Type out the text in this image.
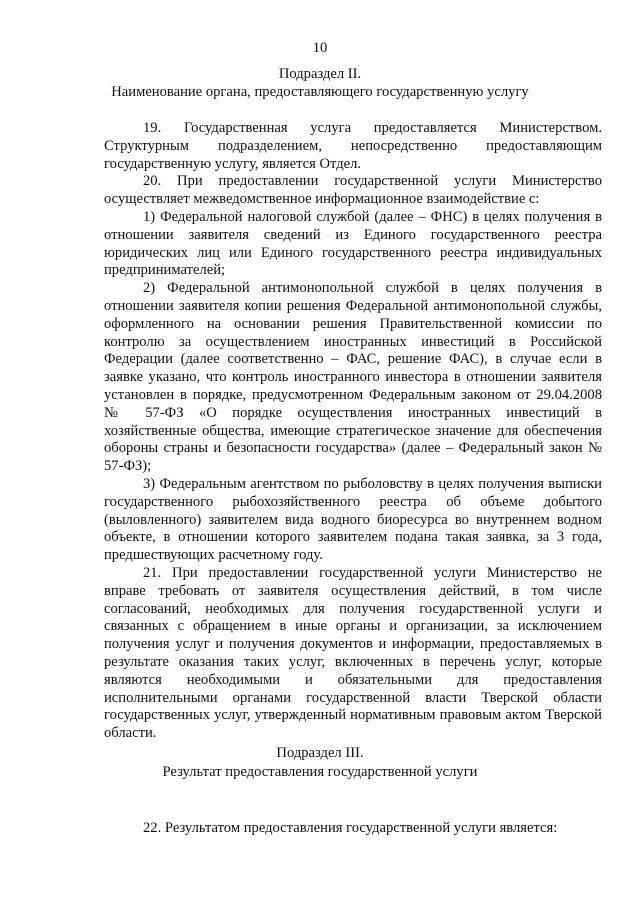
10
Подраздел II.
Наименование органа, предоставляющего государственную услугу

19. Государственная услуга предоставляется Министерством. Структурным подразделением, непосредственно предоставляющим государственную услугу, является Отдел.

20. При предоставлении государственной услуги Министерство осуществляет межведомственное информационное взаимодействие с:

1) Федеральной налоговой службой (далее – ФНС) в целях получения в отношении заявителя сведений из Единого государственного реестра юридических лиц или Единого государственного реестра индивидуальных предпринимателей;

2) Федеральной антимонопольной службой в целях получения в отношении заявителя копии решения Федеральной антимонопольной службы, оформленного на основании решения Правительственной комиссии по контролю за осуществлением иностранных инвестиций в Российской Федерации (далее соответственно – ФАС, решение ФАС), в случае если в заявке указано, что контроль иностранного инвестора в отношении заявителя установлен в порядке, предусмотренном Федеральным законом от 29.04.2008 № 57-ФЗ «О порядке осуществления иностранных инвестиций в хозяйственные общества, имеющие стратегическое значение для обеспечения обороны страны и безопасности государства» (далее – Федеральный закон № 57-ФЗ);

3) Федеральным агентством по рыболовству в целях получения выписки государственного рыбохозяйственного реестра об объеме добытого (выловленного) заявителем вида водного биоресурса во внутреннем водном объекте, в отношении которого заявителем подана такая заявка, за 3 года, предшествующих расчетному году.

21. При предоставлении государственной услуги Министерство не вправе требовать от заявителя осуществления действий, в том числе согласований, необходимых для получения государственной услуги и связанных с обращением в иные органы и организации, за исключением получения услуг и получения документов и информации, предоставляемых в результате оказания таких услуг, включенных в перечень услуг, которые являются необходимыми и обязательными для предоставления исполнительными органами государственной власти Тверской области государственных услуг, утвержденный нормативным правовым актом Тверской области.

Подраздел III.
Результат предоставления государственной услуги

22. Результатом предоставления государственной услуги является:
